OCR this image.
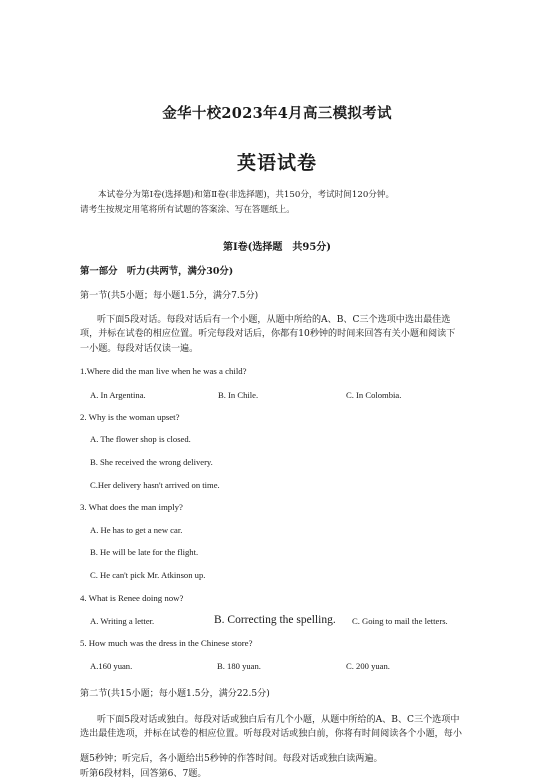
金华十校2023年4月高三模拟考试
英语试卷
本试卷分为第Ⅰ卷(选择题)和第Ⅱ卷(非选择题)，共150分，考试时间120分钟。
请考生按规定用笔将所有试题的答案涂、写在答题纸上。
第Ⅰ卷(选择题　共95分)
第一部分　听力(共两节，满分30分)
第一节(共5小题；每小题1.5分，满分7.5分)
听下面5段对话。每段对话后有一个小题，从题中所给的A、B、C三个选项中选出最佳选
项，并标在试卷的相应位置。听完每段对话后，你都有10秒钟的时间来回答有关小题和阅读下
一小题。每段对话仅读一遍。
1.Where did the man live when he was a child?
A. In Argentina.	B. In Chile.	C. In Colombia.
2. Why is the woman upset?
A. The flower shop is closed.
B. She received the wrong delivery.
C.Her delivery hasn't arrived on time.
3. What does the man imply?
A. He has to get a new car.
B. He will be late for the flight.
C. He can't pick Mr. Atkinson up.
4. What is Renee doing now?
A. Writing a letter.	B. Correcting the spelling. C. Going to mail the letters.
5. How much was the dress in the Chinese store?
A.160 yuan.	B. 180 yuan.	C. 200 yuan.
第二节(共15小题；每小题1.5分，满分22.5分)
听下面5段对话或独白。每段对话或独白后有几个小题，从题中所给的A、B、C三个选项中
选出最佳选项，并标在试卷的相应位置。听每段对话或独白前，你将有时间阅读各个小题，每小
题5秒钟；听完后，各小题给出5秒钟的作答时间。每段对话或独白读两遍。
听第6段材料，回答第6、7题。
